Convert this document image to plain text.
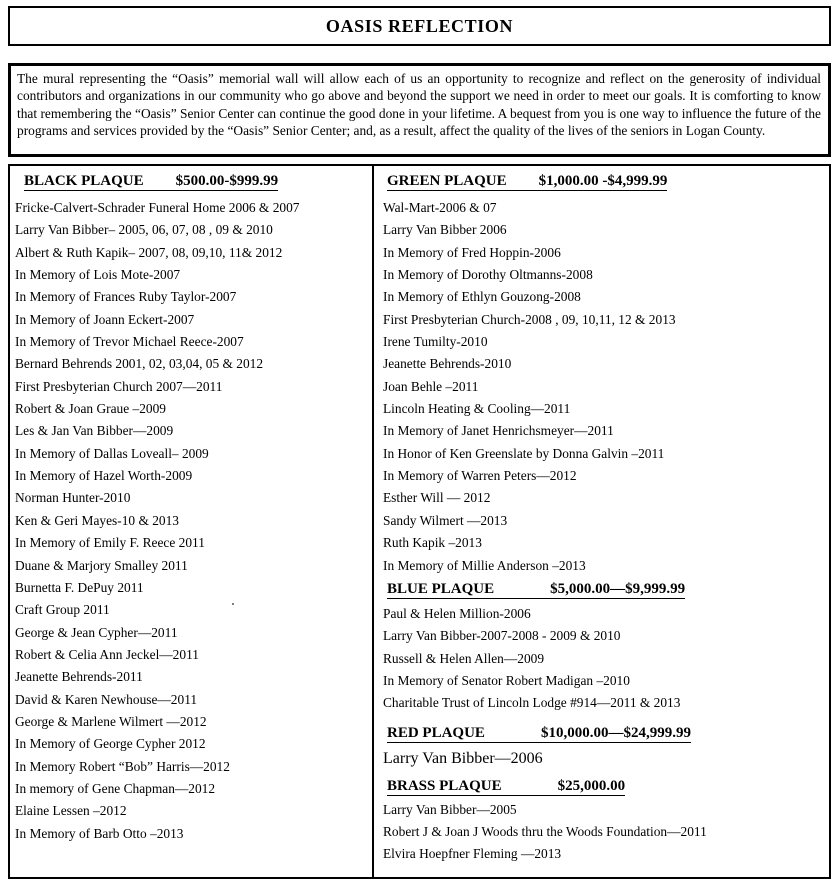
OASIS REFLECTION
The mural representing the “Oasis” memorial wall will allow each of us an opportunity to recognize and reflect on the generosity of individual contributors and organizations in our community who go above and beyond the support we need in order to meet our goals. It is comforting to know that remembering the “Oasis” Senior Center can continue the good done in your lifetime. A bequest from you is one way to influence the future of the programs and services provided by the “Oasis” Senior Center; and, as a result, affect the quality of the lives of the seniors in Logan County.
BLACK PLAQUE $500.00-$999.99
Fricke-Calvert-Schrader Funeral Home 2006 & 2007
Larry Van Bibber– 2005, 06, 07, 08 , 09 & 2010
Albert & Ruth Kapik– 2007, 08, 09,10, 11& 2012
In Memory of Lois Mote-2007
In Memory of Frances Ruby Taylor-2007
In Memory of Joann Eckert-2007
In Memory of Trevor Michael Reece-2007
Bernard Behrends 2001, 02, 03,04, 05 & 2012
First Presbyterian Church 2007—2011
Robert & Joan Graue –2009
Les & Jan Van Bibber—2009
In Memory of Dallas Loveall– 2009
In Memory of Hazel Worth-2009
Norman Hunter-2010
Ken & Geri Mayes-10 & 2013
In Memory of Emily F. Reece 2011
Duane & Marjory Smalley 2011
Burnetta F. DePuy 2011
Craft Group 2011
George & Jean Cypher—2011
Robert & Celia Ann Jeckel—2011
Jeanette Behrends-2011
David & Karen Newhouse—2011
George & Marlene Wilmert —2012
In Memory of George Cypher 2012
In Memory Robert “Bob” Harris—2012
In memory of Gene Chapman—2012
Elaine Lessen –2012
In Memory of Barb Otto –2013
GREEN PLAQUE $1,000.00 -$4,999.99
Wal-Mart-2006 & 07
Larry Van Bibber 2006
In Memory of Fred Hoppin-2006
In Memory of Dorothy Oltmanns-2008
In Memory of Ethlyn Gouzong-2008
First Presbyterian Church-2008 , 09, 10,11, 12 & 2013
Irene Tumilty-2010
Jeanette Behrends-2010
Joan Behle –2011
Lincoln Heating & Cooling—2011
In Memory of Janet Henrichsmeyer—2011
In Honor of Ken Greenslate by Donna Galvin –2011
In Memory of Warren Peters—2012
Esther Will — 2012
Sandy Wilmert —2013
Ruth Kapik –2013
In Memory of Millie Anderson –2013
BLUE PLAQUE	$5,000.00—$9,999.99
Paul & Helen Million-2006
Larry Van Bibber-2007-2008 - 2009 & 2010
Russell & Helen Allen—2009
In Memory of Senator Robert Madigan –2010
Charitable Trust of Lincoln Lodge #914—2011 & 2013
RED PLAQUE	$10,000.00—$24,999.99
Larry Van Bibber—2006
BRASS PLAQUE	$25,000.00
Larry Van Bibber—2005
Robert J & Joan J Woods thru the Woods Foundation—2011
Elvira Hoepfner Fleming —2013
